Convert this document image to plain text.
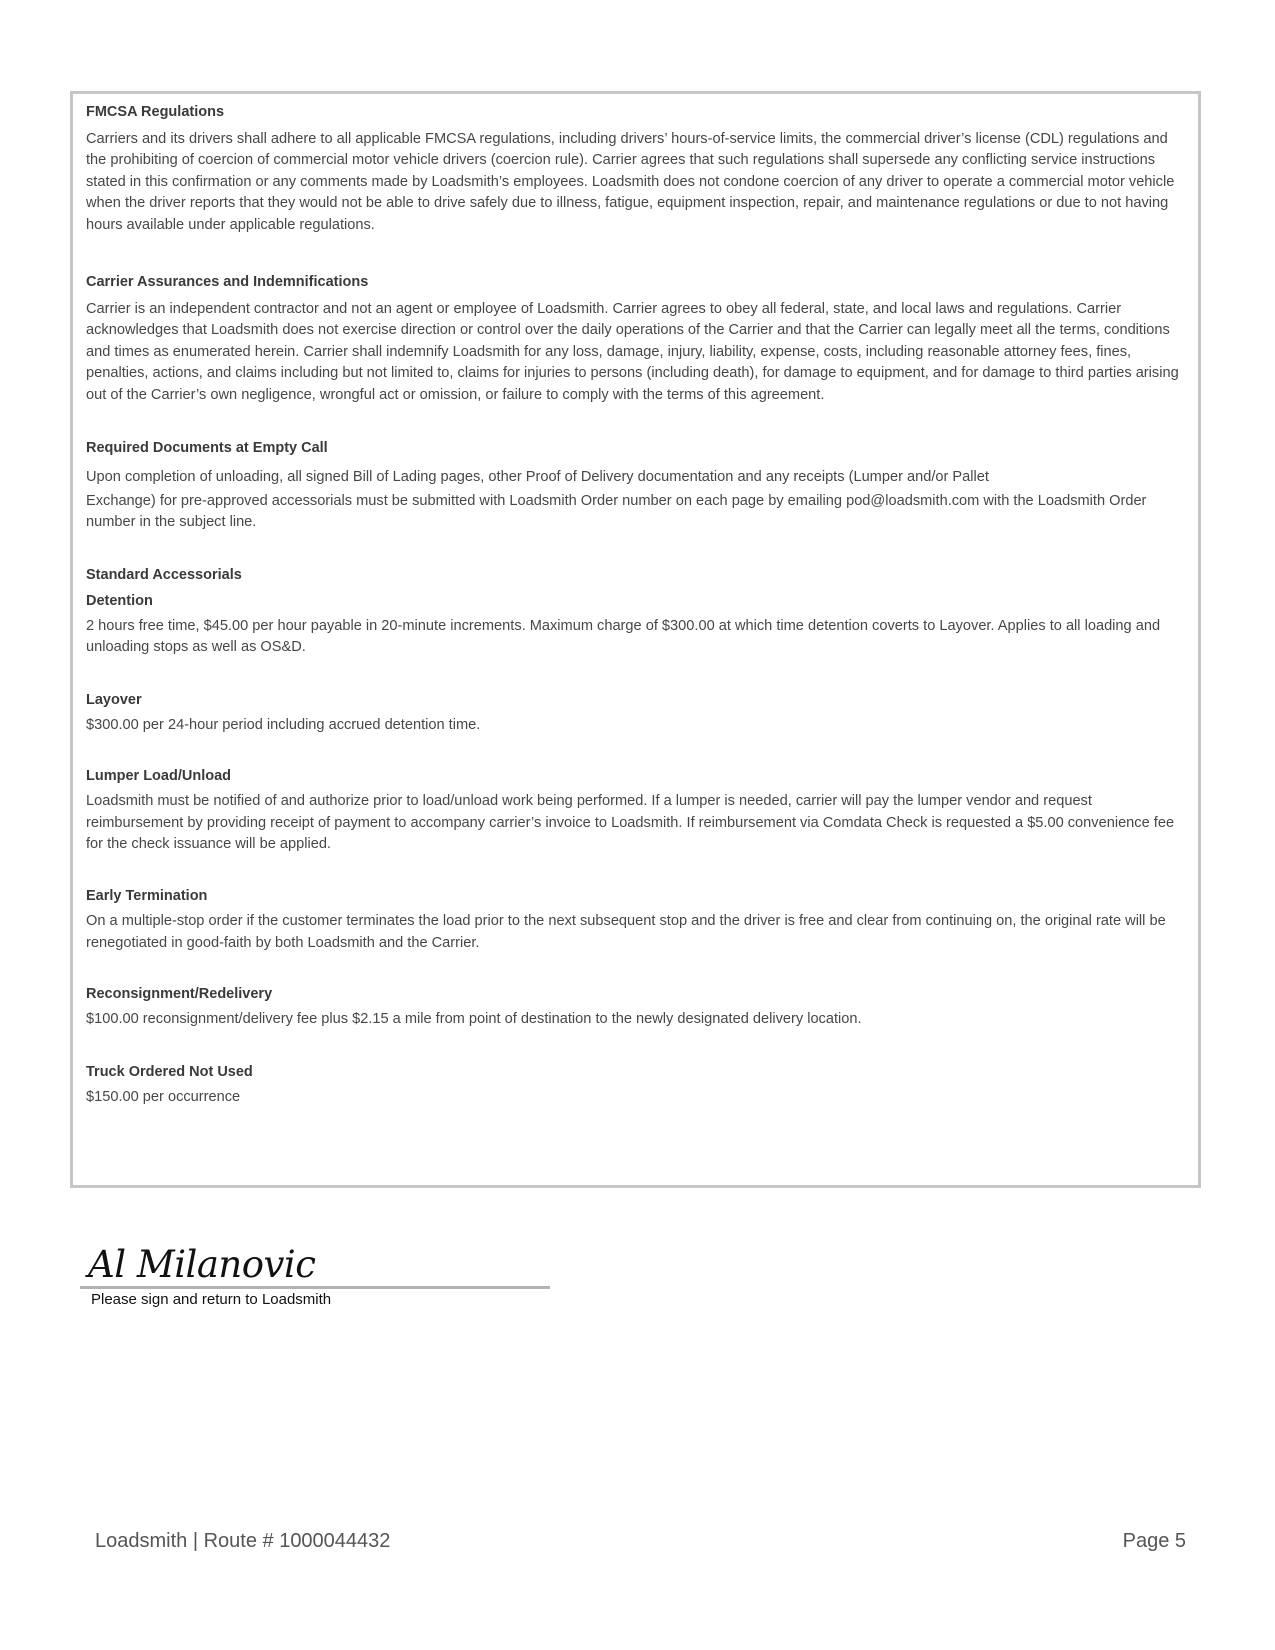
FMCSA Regulations

Carriers and its drivers shall adhere to all applicable FMCSA regulations, including drivers’ hours-of-service limits, the commercial driver’s license (CDL) regulations and the prohibiting of coercion of commercial motor vehicle drivers (coercion rule). Carrier agrees that such regulations shall supersede any conflicting service instructions stated in this confirmation or any comments made by Loadsmith’s employees. Loadsmith does not condone coercion of any driver to operate a commercial motor vehicle when the driver reports that they would not be able to drive safely due to illness, fatigue, equipment inspection, repair, and maintenance regulations or due to not having hours available under applicable regulations.

Carrier Assurances and Indemnifications

Carrier is an independent contractor and not an agent or employee of Loadsmith. Carrier agrees to obey all federal, state, and local laws and regulations. Carrier acknowledges that Loadsmith does not exercise direction or control over the daily operations of the Carrier and that the Carrier can legally meet all the terms, conditions and times as enumerated herein. Carrier shall indemnify Loadsmith for any loss, damage, injury, liability, expense, costs, including reasonable attorney fees, fines, penalties, actions, and claims including but not limited to, claims for injuries to persons (including death), for damage to equipment, and for damage to third parties arising out of the Carrier’s own negligence, wrongful act or omission, or failure to comply with the terms of this agreement.

Required Documents at Empty Call

Upon completion of unloading, all signed Bill of Lading pages, other Proof of Delivery documentation and any receipts (Lumper and/or Pallet

Exchange) for pre-approved accessorials must be submitted with Loadsmith Order number on each page by emailing pod@loadsmith.com with the Loadsmith Order number in the subject line.

Standard Accessorials

Detention

2 hours free time, $45.00 per hour payable in 20-minute increments. Maximum charge of $300.00 at which time detention coverts to Layover. Applies to all loading and unloading stops as well as OS&D.

Layover

$300.00 per 24-hour period including accrued detention time.

Lumper Load/Unload

Loadsmith must be notified of and authorize prior to load/unload work being performed. If a lumper is needed, carrier will pay the lumper vendor and request reimbursement by providing receipt of payment to accompany carrier’s invoice to Loadsmith. If reimbursement via Comdata Check is requested a $5.00 convenience fee for the check issuance will be applied.

Early Termination

On a multiple-stop order if the customer terminates the load prior to the next subsequent stop and the driver is free and clear from continuing on, the original rate will be renegotiated in good-faith by both Loadsmith and the Carrier.

Reconsignment/Redelivery

$100.00 reconsignment/delivery fee plus $2.15 a mile from point of destination to the newly designated delivery location.

Truck Ordered Not Used

$150.00 per occurrence

Al Milanovic
Please sign and return to Loadsmith
Loadsmith | Route # 1000044432	Page 5
